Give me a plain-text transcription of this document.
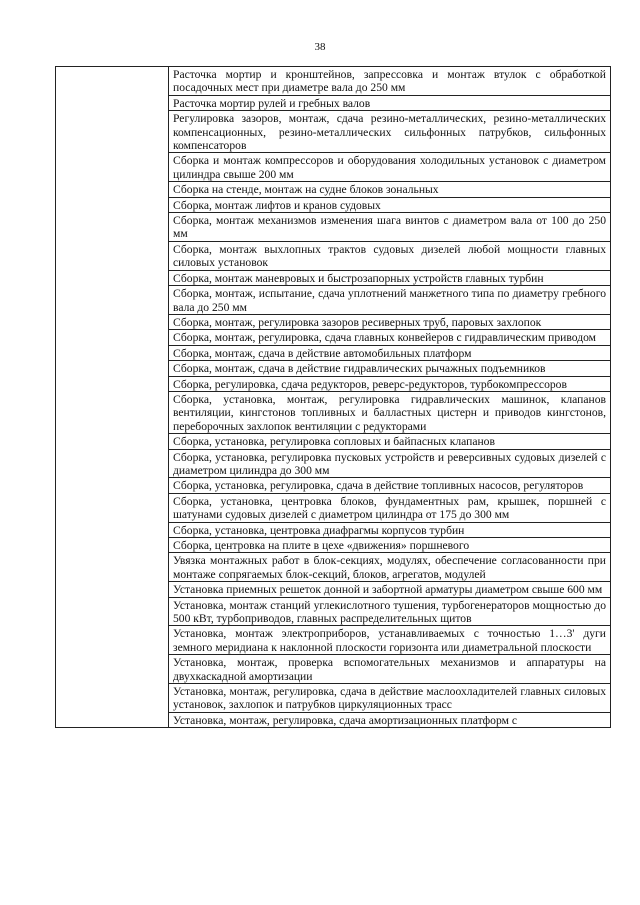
38

Расточка мортир и кронштейнов, запрессовка и монтаж втулок с обработкой посадочных мест при диаметре вала до 250 мм
Расточка мортир рулей и гребных валов
Регулировка зазоров, монтаж, сдача резино-металлических, резино-металлических компенсационных, резино-металлических сильфонных патрубков, сильфонных компенсаторов
Сборка и монтаж компрессоров и оборудования холодильных установок с диаметром цилиндра свыше 200 мм
Сборка на стенде, монтаж на судне блоков зональных
Сборка, монтаж лифтов и кранов судовых
Сборка, монтаж механизмов изменения шага винтов с диаметром вала от 100 до 250 мм
Сборка, монтаж выхлопных трактов судовых дизелей любой мощности главных силовых установок
Сборка, монтаж маневровых и быстрозапорных устройств главных турбин
Сборка, монтаж, испытание, сдача уплотнений манжетного типа по диаметру гребного вала до 250 мм
Сборка, монтаж, регулировка зазоров ресиверных труб, паровых захлопок
Сборка, монтаж, регулировка, сдача главных конвейеров с гидравлическим приводом
Сборка, монтаж, сдача в действие автомобильных платформ
Сборка, монтаж, сдача в действие гидравлических рычажных подъемников
Сборка, регулировка, сдача редукторов, реверс-редукторов, турбокомпрессоров
Сборка, установка, монтаж, регулировка гидравлических машинок, клапанов вентиляции, кингстонов топливных и балластных цистерн и приводов кингстонов, переборочных захлопок вентиляции с редукторами
Сборка, установка, регулировка сопловых и байпасных клапанов
Сборка, установка, регулировка пусковых устройств и реверсивных судовых дизелей с диаметром цилиндра до 300 мм
Сборка, установка, регулировка, сдача в действие топливных насосов, регуляторов
Сборка, установка, центровка блоков, фундаментных рам, крышек, поршней с шатунами судовых дизелей с диаметром цилиндра от 175 до 300 мм
Сборка, установка, центровка диафрагмы корпусов турбин
Сборка, центровка на плите в цехе «движения» поршневого
Увязка монтажных работ в блок-секциях, модулях, обеспечение согласованности при монтаже сопрягаемых блок-секций, блоков, агрегатов, модулей
Установка приемных решеток донной и забортной арматуры диаметром свыше 600 мм
Установка, монтаж станций углекислотного тушения, турбогенераторов мощностью до 500 кВт, турбоприводов, главных распределительных щитов
Установка, монтаж электроприборов, устанавливаемых с точностью 1…3' дуги земного меридиана к наклонной плоскости горизонта или диаметральной плоскости
Установка, монтаж, проверка вспомогательных механизмов и аппаратуры на двухкаскадной амортизации
Установка, монтаж, регулировка, сдача в действие маслоохладителей главных силовых установок, захлопок и патрубков циркуляционных трасс
Установка, монтаж, регулировка, сдача амортизационных платформ с
